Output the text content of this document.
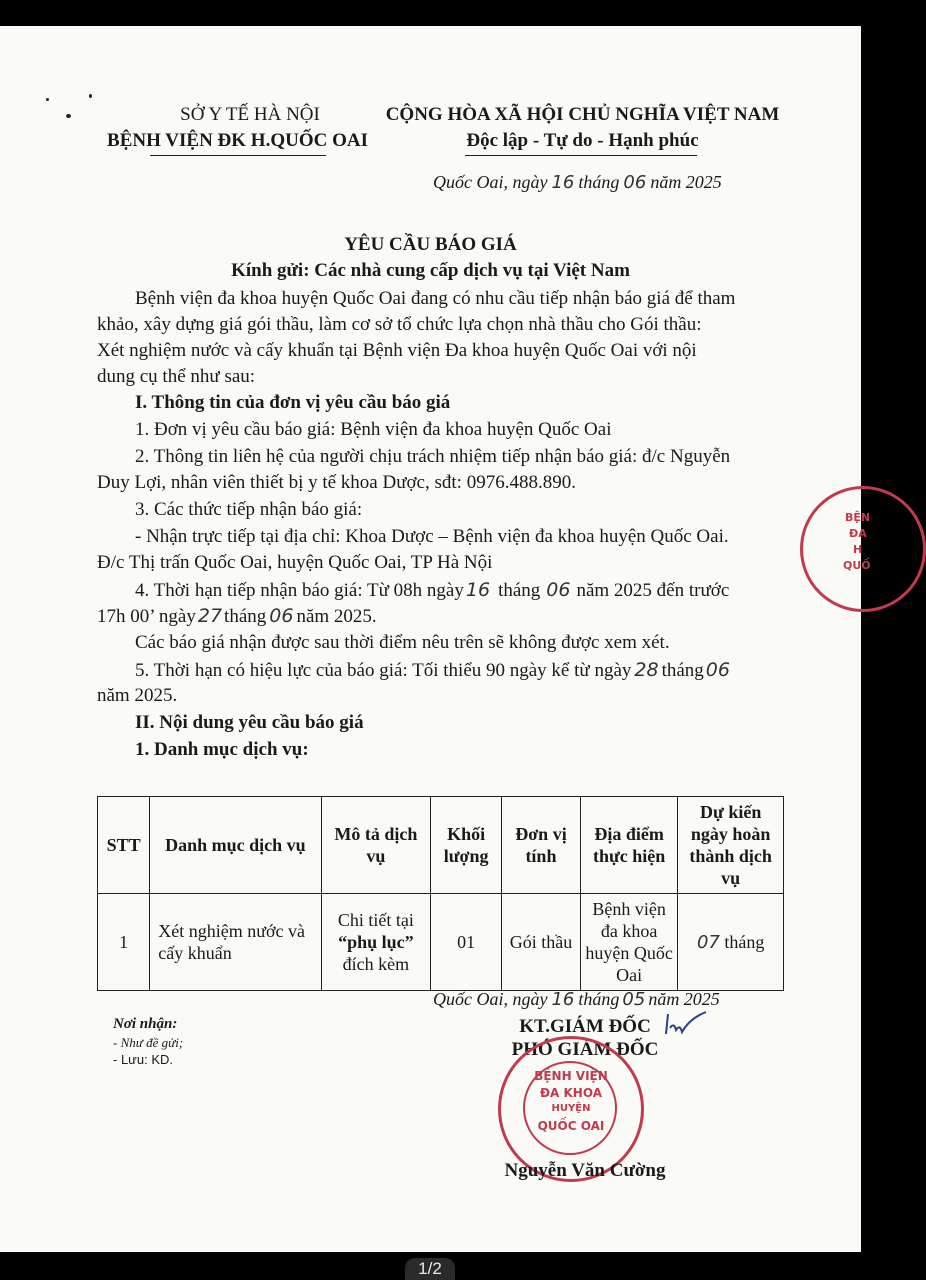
SỞ Y TẾ HÀ NỘI
BỆNH VIỆN ĐK H.QUỐC OAI
CỘNG HÒA XÃ HỘI CHỦ NGHĨA VIỆT NAM
Độc lập - Tự do - Hạnh phúc
Quốc Oai, ngày 16 tháng 06 năm 2025
YÊU CẦU BÁO GIÁ
Kính gửi: Các nhà cung cấp dịch vụ tại Việt Nam
Bệnh viện đa khoa huyện Quốc Oai đang có nhu cầu tiếp nhận báo giá để tham
khảo, xây dựng giá gói thầu, làm cơ sở tổ chức lựa chọn nhà thầu cho Gói thầu:
Xét nghiệm nước và cấy khuẩn tại Bệnh viện Đa khoa huyện Quốc Oai với nội
dung cụ thể như sau:
I. Thông tin của đơn vị yêu cầu báo giá
1. Đơn vị yêu cầu báo giá: Bệnh viện đa khoa huyện Quốc Oai
2. Thông tin liên hệ của người chịu trách nhiệm tiếp nhận báo giá: đ/c Nguyễn
Duy Lợi, nhân viên thiết bị y tế khoa Dược, sđt: 0976.488.890.
3. Các thức tiếp nhận báo giá:
- Nhận trực tiếp tại địa chỉ: Khoa Dược – Bệnh viện đa khoa huyện Quốc Oai.
Đ/c Thị trấn Quốc Oai, huyện Quốc Oai, TP Hà Nội
4. Thời hạn tiếp nhận báo giá: Từ 08h ngày 16 tháng 06 năm 2025 đến trước
17h 00’ ngày 27 tháng 06 năm 2025.
Các báo giá nhận được sau thời điểm nêu trên sẽ không được xem xét.
5. Thời hạn có hiệu lực của báo giá: Tối thiểu 90 ngày kể từ ngày 28 tháng 06
năm 2025.
II. Nội dung yêu cầu báo giá
1. Danh mục dịch vụ:
STT	Danh mục dịch vụ	Mô tả dịch vụ	Khối lượng	Đơn vị tính	Địa điểm thực hiện	Dự kiến ngày hoàn thành dịch vụ
1	Xét nghiệm nước và cấy khuẩn	Chi tiết tại
“phụ lục”
đích kèm	01	Gói thầu	Bệnh viện đa khoa huyện Quốc Oai	07 tháng
Quốc Oai, ngày 16 tháng 05 năm 2025
Nơi nhận:
- Như đề gửi;
- Lưu: KD.
KT.GIÁM ĐỐC
PHÓ GIÁM ĐỐC
BỆNH VIỆN
ĐA KHOA
HUYỆN
QUỐC OAI
BỆN
ĐA
H
QUỐ
Nguyễn Văn Cường
1/2
